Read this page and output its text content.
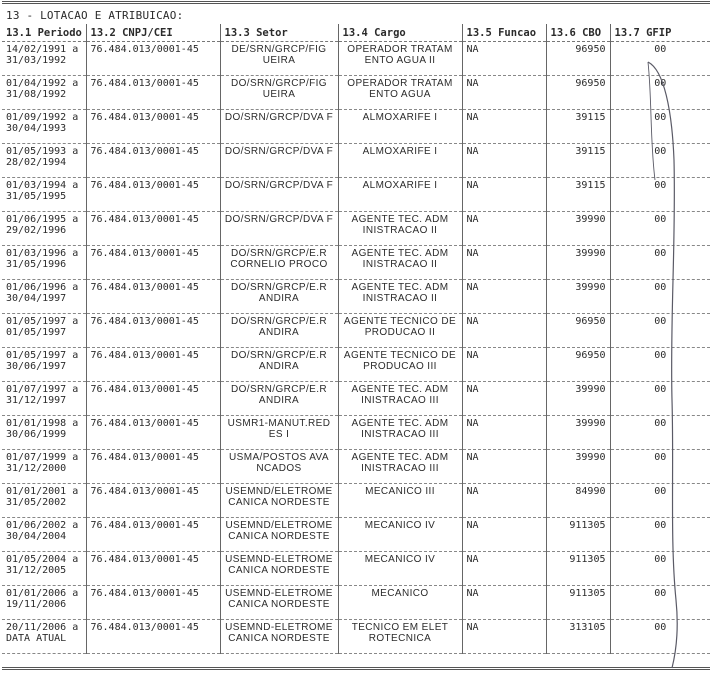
13 - LOTACAO E ATRIBUICAO:
13.1 Periodo	13.2 CNPJ/CEI	13.3 Setor	13.4 Cargo	13.5 Funcao	13.6 CBO	13.7 GFIP
14/02/1991 a 31/03/1992	76.484.013/0001-45	DE/SRN/GRCP/FIG UEIRA	OPERADOR TRATAM ENTO AGUA II	NA	96950	00
01/04/1992 a 31/08/1992	76.484.013/0001-45	DO/SRN/GRCP/FIG UEIRA	OPERADOR TRATAM ENTO AGUA	NA	96950	00
01/09/1992 a 30/04/1993	76.484.013/0001-45	DO/SRN/GRCP/DVA F	ALMOXARIFE I	NA	39115	00
01/05/1993 a 28/02/1994	76.484.013/0001-45	DO/SRN/GRCP/DVA F	ALMOXARIFE I	NA	39115	00
01/03/1994 a 31/05/1995	76.484.013/0001-45	DO/SRN/GRCP/DVA F	ALMOXARIFE I	NA	39115	00
01/06/1995 a 29/02/1996	76.484.013/0001-45	DO/SRN/GRCP/DVA F	AGENTE TEC. ADM INISTRACAO II	NA	39990	00
01/03/1996 a 31/05/1996	76.484.013/0001-45	DO/SRN/GRCP/E.R CORNELIO PROCO	AGENTE TEC. ADM INISTRACAO II	NA	39990	00
01/06/1996 a 30/04/1997	76.484.013/0001-45	DO/SRN/GRCP/E.R ANDIRA	AGENTE TEC. ADM INISTRACAO II	NA	39990	00
01/05/1997 a 01/05/1997	76.484.013/0001-45	DO/SRN/GRCP/E.R ANDIRA	AGENTE TECNICO DE PRODUCAO II	NA	96950	00
01/05/1997 a 30/06/1997	76.484.013/0001-45	DO/SRN/GRCP/E.R ANDIRA	AGENTE TECNICO DE PRODUCAO III	NA	96950	00
01/07/1997 a 31/12/1997	76.484.013/0001-45	DO/SRN/GRCP/E.R ANDIRA	AGENTE TEC. ADM INISTRACAO III	NA	39990	00
01/01/1998 a 30/06/1999	76.484.013/0001-45	USMR1-MANUT.RED ES I	AGENTE TEC. ADM INISTRACAO III	NA	39990	00
01/07/1999 a 31/12/2000	76.484.013/0001-45	USMA/POSTOS AVA NCADOS	AGENTE TEC. ADM INISTRACAO III	NA	39990	00
01/01/2001 a 31/05/2002	76.484.013/0001-45	USEMND/ELETROME CANICA NORDESTE	MECANICO III	NA	84990	00
01/06/2002 a 30/04/2004	76.484.013/0001-45	USEMND/ELETROME CANICA NORDESTE	MECANICO IV	NA	911305	00
01/05/2004 a 31/12/2005	76.484.013/0001-45	USEMND-ELETROME CANICA NORDESTE	MECANICO IV	NA	911305	00
01/01/2006 a 19/11/2006	76.484.013/0001-45	USEMND-ELETROME CANICA NORDESTE	MECANICO	NA	911305	00
20/11/2006 a DATA ATUAL	76.484.013/0001-45	USEMND-ELETROME CANICA NORDESTE	TECNICO EM ELET ROTECNICA	NA	313105	00
